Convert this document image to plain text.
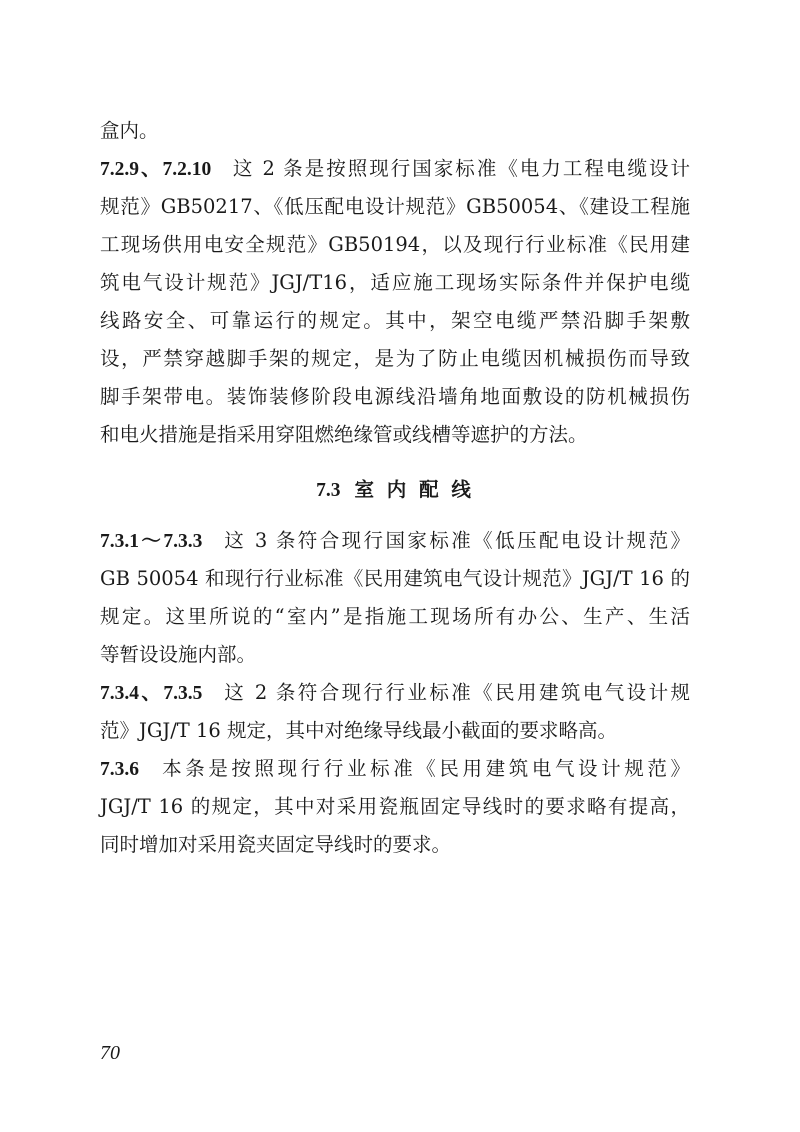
盒内。
7.2.9、7.2.10  这 2 条是按照现行国家标准《电力工程电缆设计
规范》GB50217、《低压配电设计规范》GB50054、《建设工程施
工现场供用电安全规范》GB50194，以及现行行业标准《民用建
筑电气设计规范》JGJ/T16，适应施工现场实际条件并保护电缆
线路安全、可靠运行的规定。其中，架空电缆严禁沿脚手架敷
设，严禁穿越脚手架的规定，是为了防止电缆因机械损伤而导致
脚手架带电。装饰装修阶段电源线沿墙角地面敷设的防机械损伤
和电火措施是指采用穿阻燃绝缘管或线槽等遮护的方法。
7.3 室 内 配 线
7.3.1～7.3.3  这 3 条符合现行国家标准《低压配电设计规范》
GB 50054 和现行行业标准《民用建筑电气设计规范》JGJ/T 16 的
规定。这里所说的“室内”是指施工现场所有办公、生产、生活
等暂设设施内部。
7.3.4、7.3.5  这 2 条符合现行行业标准《民用建筑电气设计规
范》JGJ/T 16 规定，其中对绝缘导线最小截面的要求略高。
7.3.6  本条是按照现行行业标准《民用建筑电气设计规范》
JGJ/T 16 的规定，其中对采用瓷瓶固定导线时的要求略有提高，
同时增加对采用瓷夹固定导线时的要求。
70
